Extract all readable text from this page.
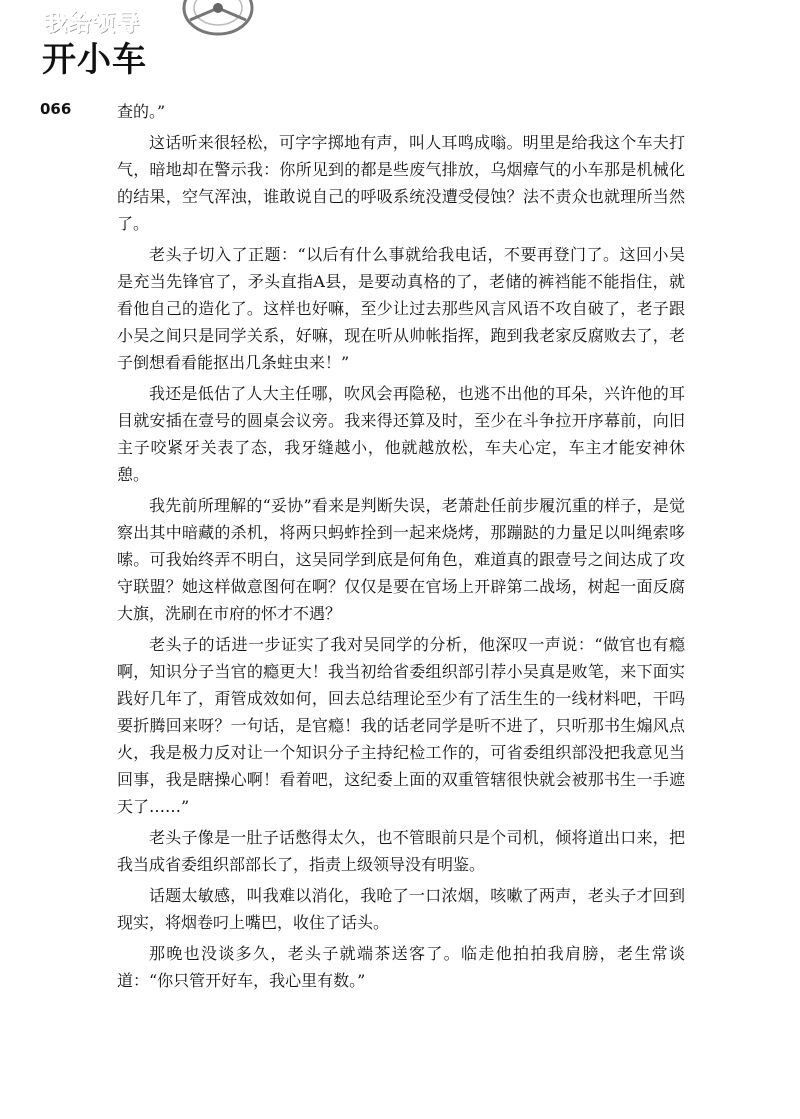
我给领导
开小车
066	查的。”

这话听来很轻松，可字字掷地有声，叫人耳鸣成嗡。明里是给我这个车夫打气，暗地却在警示我：你所见到的都是些废气排放，乌烟瘴气的小车那是机械化的结果，空气浑浊，谁敢说自己的呼吸系统没遭受侵蚀？法不责众也就理所当然了。

老头子切入了正题：“以后有什么事就给我电话，不要再登门了。这回小吴是充当先锋官了，矛头直指A县，是要动真格的了，老储的裤裆能不能指住，就看他自己的造化了。这样也好嘛，至少让过去那些风言风语不攻自破了，老子跟小吴之间只是同学关系，好嘛，现在听从帅帐指挥，跑到我老家反腐败去了，老子倒想看看能抠出几条蛀虫来！”

我还是低估了人大主任哪，吹风会再隐秘，也逃不出他的耳朵，兴许他的耳目就安插在壹号的圆桌会议旁。我来得还算及时，至少在斗争拉开序幕前，向旧主子咬紧牙关表了态，我牙缝越小，他就越放松，车夫心定，车主才能安神休憩。

我先前所理解的“妥协”看来是判断失误，老萧赴任前步履沉重的样子，是觉察出其中暗藏的杀机，将两只蚂蚱拴到一起来烧烤，那蹦跶的力量足以叫绳索哆嗦。可我始终弄不明白，这吴同学到底是何角色，难道真的跟壹号之间达成了攻守联盟？她这样做意图何在啊？仅仅是要在官场上开辟第二战场，树起一面反腐大旗，洗刷在市府的怀才不遇？

老头子的话进一步证实了我对吴同学的分析，他深叹一声说：“做官也有瘾啊，知识分子当官的瘾更大！我当初给省委组织部引荐小吴真是败笔，来下面实践好几年了，甭管成效如何，回去总结理论至少有了活生生的一线材料吧，干吗要折腾回来呀？一句话，是官瘾！我的话老同学是听不进了，只听那书生煽风点火，我是极力反对让一个知识分子主持纪检工作的，可省委组织部没把我意见当回事，我是瞎操心啊！看着吧，这纪委上面的双重管辖很快就会被那书生一手遮天了……”

老头子像是一肚子话憋得太久，也不管眼前只是个司机，倾将道出口来，把我当成省委组织部部长了，指责上级领导没有明鉴。

话题太敏感，叫我难以消化，我呛了一口浓烟，咳嗽了两声，老头子才回到现实，将烟卷叼上嘴巴，收住了话头。

那晚也没谈多久，老头子就端茶送客了。临走他拍拍我肩膀，老生常谈道：“你只管开好车，我心里有数。”
